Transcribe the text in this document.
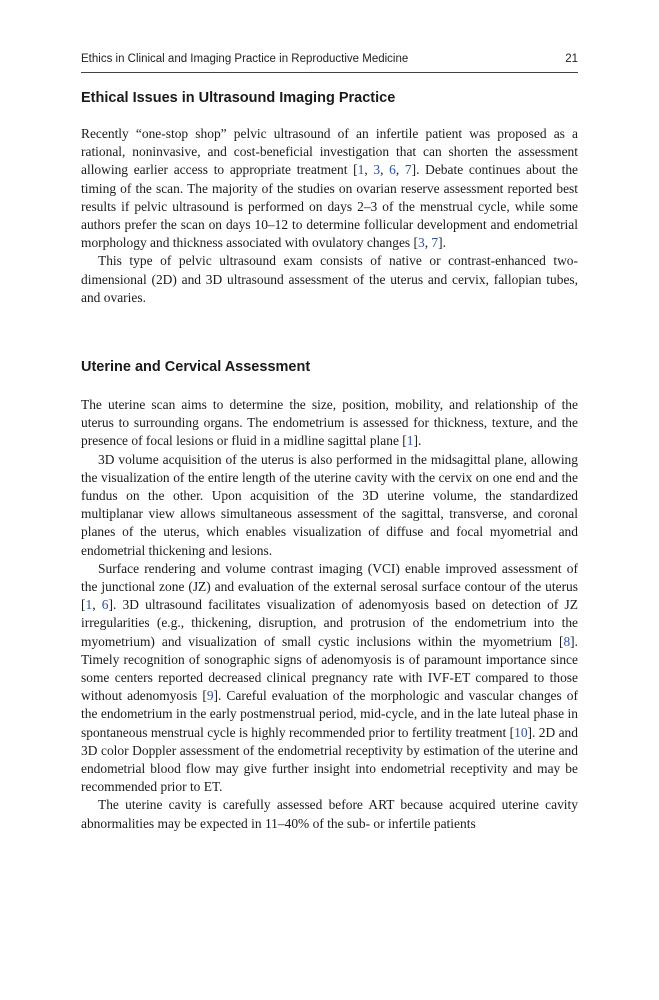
Ethics in Clinical and Imaging Practice in Reproductive Medicine	21
Ethical Issues in Ultrasound Imaging Practice

Recently “one-stop shop” pelvic ultrasound of an infertile patient was proposed as a rational, noninvasive, and cost-beneficial investigation that can shorten the assessment allowing earlier access to appropriate treatment [1, 3, 6, 7]. Debate continues about the timing of the scan. The majority of the studies on ovarian reserve assessment reported best results if pelvic ultrasound is performed on days 2–3 of the menstrual cycle, while some authors prefer the scan on days 10–12 to determine follicular development and endometrial morphology and thickness associated with ovulatory changes [3, 7].

This type of pelvic ultrasound exam consists of native or contrast-enhanced two-dimensional (2D) and 3D ultrasound assessment of the uterus and cervix, fallopian tubes, and ovaries.

Uterine and Cervical Assessment

The uterine scan aims to determine the size, position, mobility, and relationship of the uterus to surrounding organs. The endometrium is assessed for thickness, texture, and the presence of focal lesions or fluid in a midline sagittal plane [1].

3D volume acquisition of the uterus is also performed in the midsagittal plane, allowing the visualization of the entire length of the uterine cavity with the cervix on one end and the fundus on the other. Upon acquisition of the 3D uterine volume, the standardized multiplanar view allows simultaneous assessment of the sagittal, transverse, and coronal planes of the uterus, which enables visualization of diffuse and focal myometrial and endometrial thickening and lesions.

Surface rendering and volume contrast imaging (VCI) enable improved assessment of the junctional zone (JZ) and evaluation of the external serosal surface contour of the uterus [1, 6]. 3D ultrasound facilitates visualization of adenomyosis based on detection of JZ irregularities (e.g., thickening, disruption, and protrusion of the endometrium into the myometrium) and visualization of small cystic inclusions within the myometrium [8]. Timely recognition of sonographic signs of adenomyosis is of paramount importance since some centers reported decreased clinical pregnancy rate with IVF-ET compared to those without adenomyosis [9]. Careful evaluation of the morphologic and vascular changes of the endometrium in the early postmenstrual period, mid-cycle, and in the late luteal phase in spontaneous menstrual cycle is highly recommended prior to fertility treatment [10]. 2D and 3D color Doppler assessment of the endometrial receptivity by estimation of the uterine and endometrial blood flow may give further insight into endometrial receptivity and may be recommended prior to ET.

The uterine cavity is carefully assessed before ART because acquired uterine cavity abnormalities may be expected in 11–40% of the sub- or infertile patients
